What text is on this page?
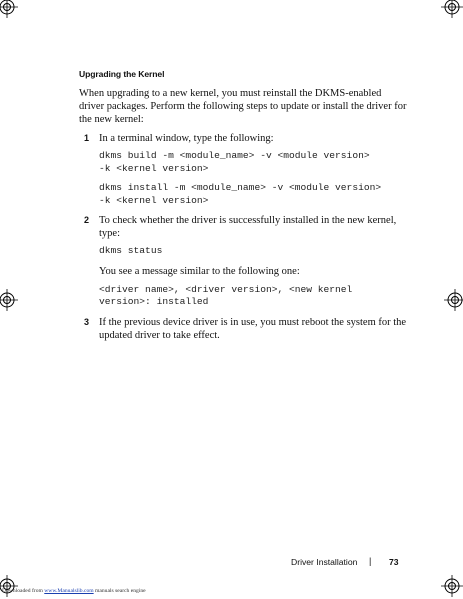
Upgrading the Kernel

When upgrading to a new kernel, you must reinstall the DKMS-enabled driver packages. Perform the following steps to update or install the driver for the new kernel:

1 In a terminal window, type the following:

dkms build -m <module_name> -v <module version>
-k <kernel version>
dkms install -m <module_name> -v <module version>
-k <kernel version>
2 To check whether the driver is successfully installed in the new kernel, type:

dkms status

You see a message similar to the following one:

<driver name>, <driver version>, <new kernel
version>: installed
3 If the previous device driver is in use, you must reboot the system for the updated driver to take effect.

Driver Installation | 73
Downloaded from www.Manualslib.com manuals search engine
